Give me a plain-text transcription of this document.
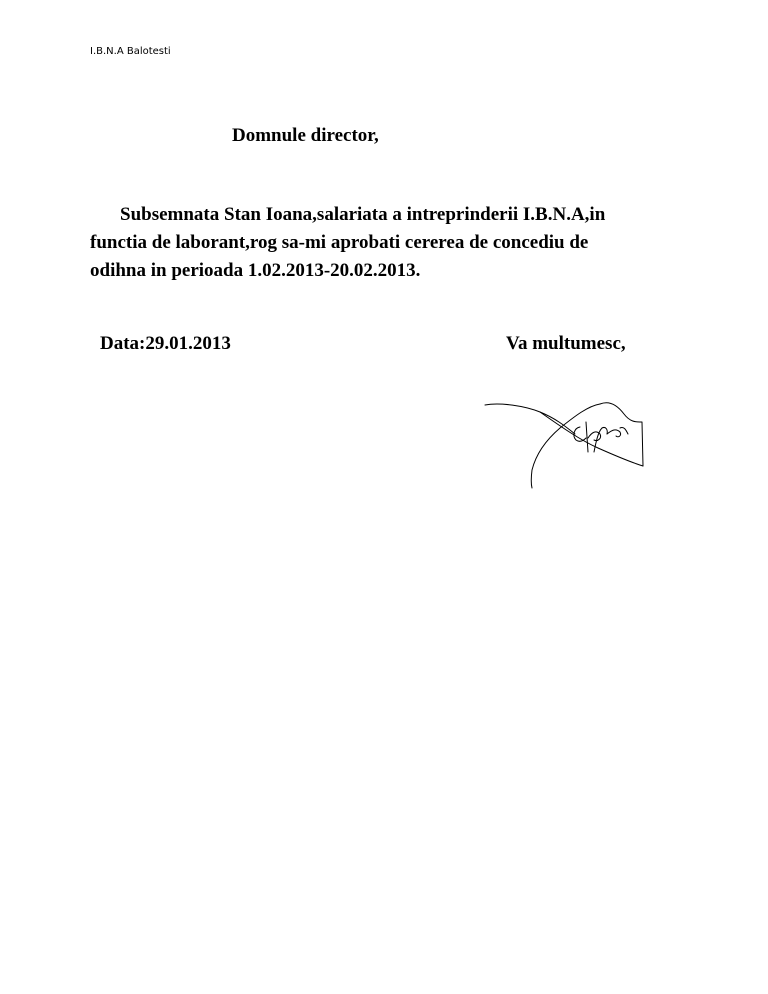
I.B.N.A Balotesti
Domnule director,
Subsemnata Stan Ioana,salariata a intreprinderii I.B.N.A,in
functia de laborant,rog sa-mi aprobati cererea de concediu de
odihna in perioada 1.02.2013-20.02.2013.
Data:29.01.2013	Va multumesc,
